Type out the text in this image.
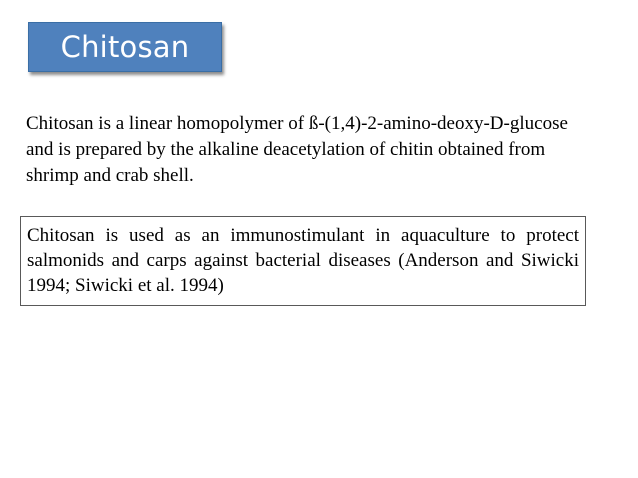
Chitosan

Chitosan is a linear homopolymer of ß-(1,4)-2-amino-deoxy-D-glucose and is prepared by the alkaline deacetylation of chitin obtained from shrimp and crab shell.

Chitosan is used as an immunostimulant in aquaculture to protect salmonids and carps against bacterial diseases (Anderson and Siwicki 1994; Siwicki et al. 1994)
